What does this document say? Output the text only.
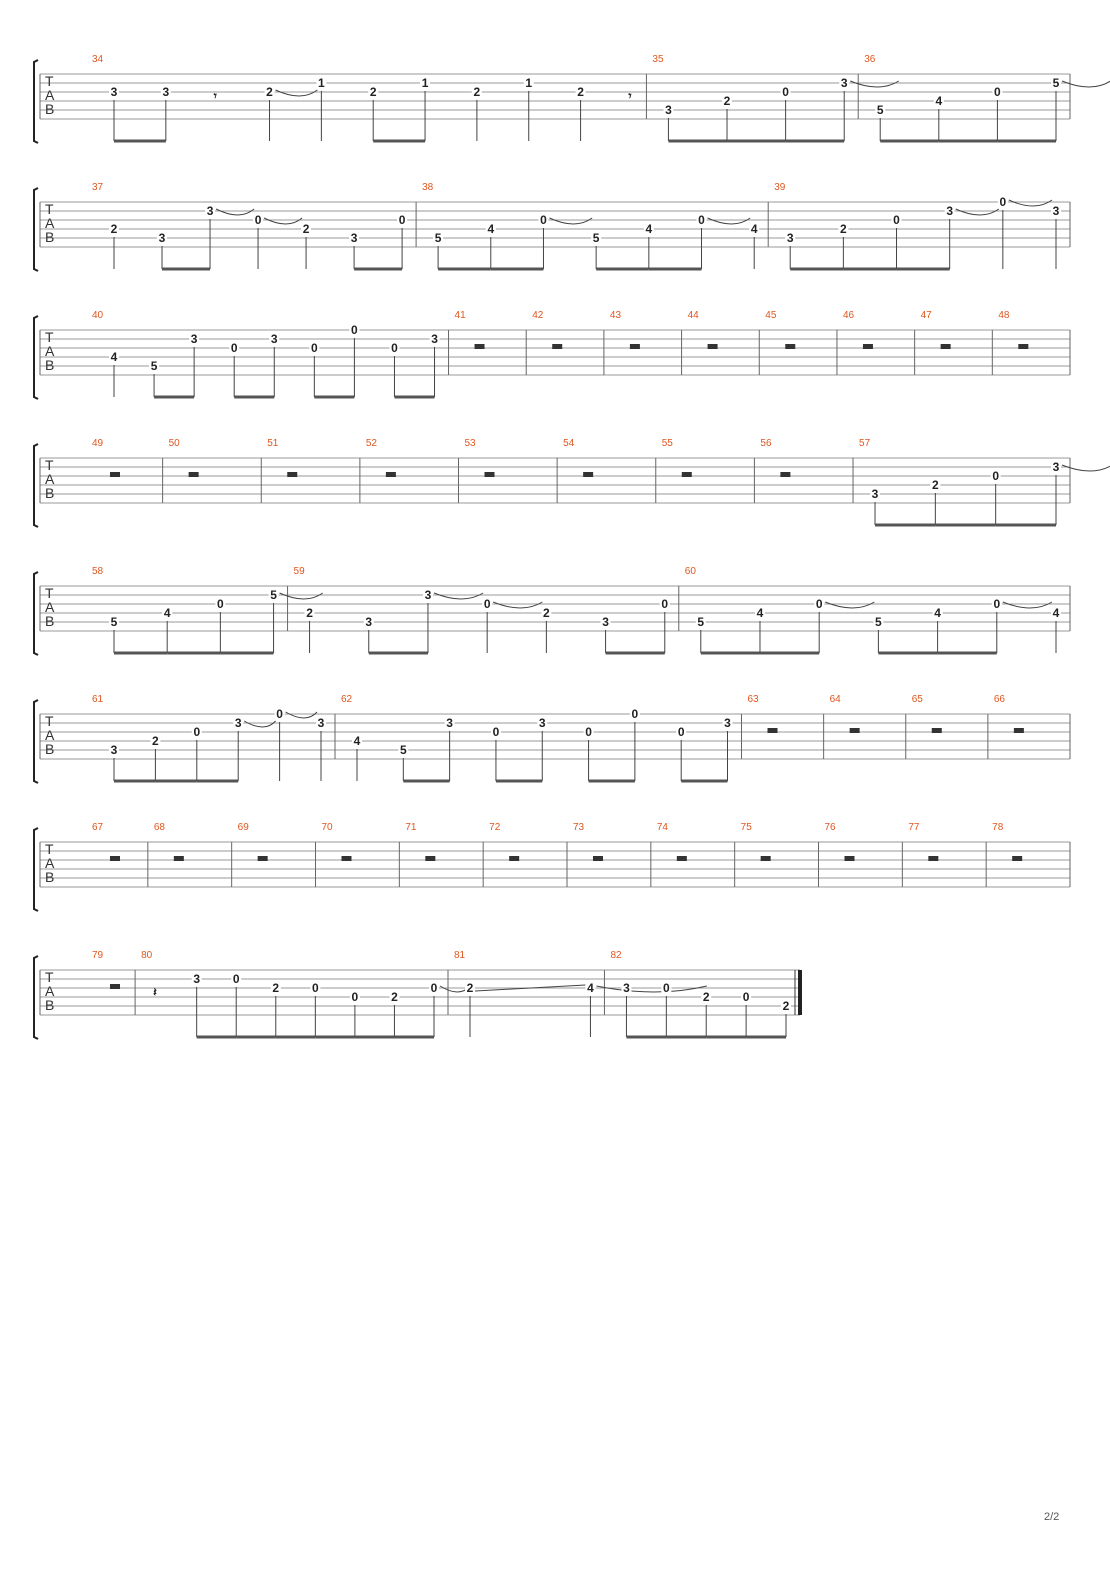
T
A
B
34
3	3	𝄾	2
1
2
1
2
1
2	𝄾
35
3
2
0
3
36
5
4
0
5
T
A
B
37
2
3
3
0
2
3
0
38
5
4
0
5
4
0
4
39
3
2
0
3
0
3
T
A
B
40
4
5
3
0
3
0
0
0
3
41	42	43	44	45	46	47	48
T
A
B
49	50	51	52	53	54	55	56	57
3
2
0
3
T
A
B
58
5
4
0
5
59
2
3
3
0
2
3
0
60
5
4
0
5
4
0
4
T
A
B
61
3
2
0
3
0
3
62
4
5
3
0
3
0
0
0
3
63	64	65	66
T
A
B
67	68	69	70	71	72	73	74	75	76	77	78
T
A
B
79	80
𝄽
3	0
2	0
0	2
0
81
2	4
82
3	0
2	0
2
2/2
